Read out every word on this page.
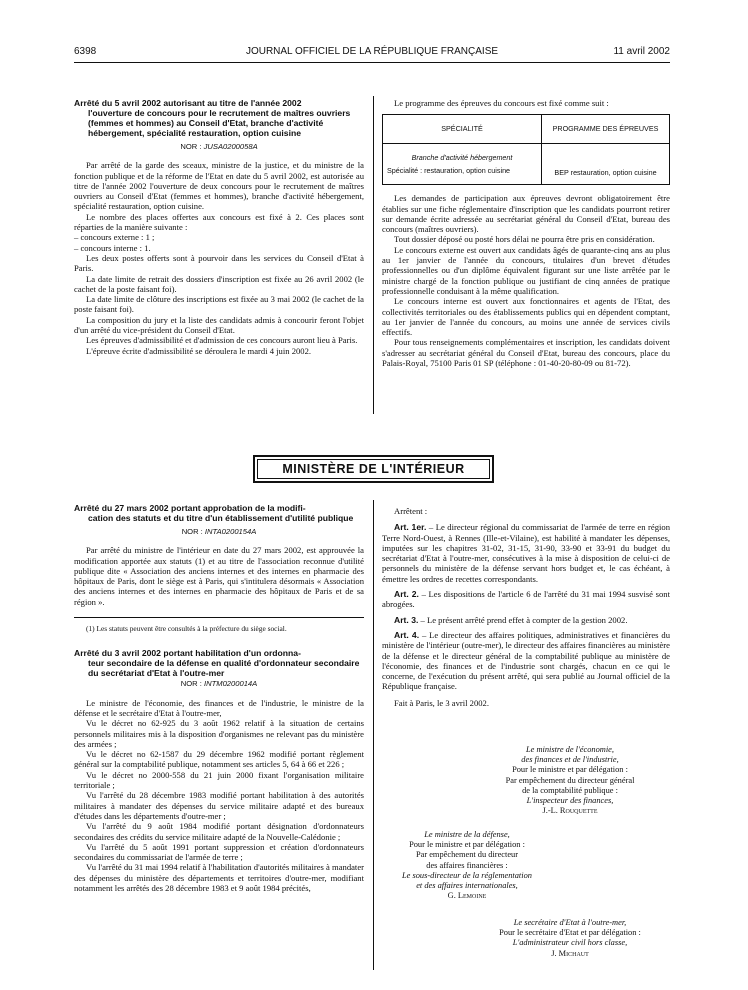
6398	JOURNAL OFFICIEL DE LA RÉPUBLIQUE FRANÇAISE	11 avril 2002
Arrêté du 5 avril 2002 autorisant au titre de l'année 2002
l'ouverture de concours pour le recrutement de maîtres ouvriers (femmes et hommes) au Conseil d'Etat, branche d'activité hébergement, spécialité restauration, option cuisine
NOR : JUSA0200058A

Par arrêté de la garde des sceaux, ministre de la justice, et du ministre de la fonction publique et de la réforme de l'Etat en date du 5 avril 2002, est autorisée au titre de l'année 2002 l'ouverture de deux concours pour le recrutement de maîtres ouvriers au Conseil d'Etat (femmes et hommes), branche d'activité hébergement, spécialité restauration, option cuisine.

Le nombre des places offertes aux concours est fixé à 2. Ces places sont réparties de la manière suivante :

– concours externe : 1 ;

– concours interne : 1.

Les deux postes offerts sont à pourvoir dans les services du Conseil d'Etat à Paris.

La date limite de retrait des dossiers d'inscription est fixée au 26 avril 2002 (le cachet de la poste faisant foi).

La date limite de clôture des inscriptions est fixée au 3 mai 2002 (le cachet de la poste faisant foi).

La composition du jury et la liste des candidats admis à concourir feront l'objet d'un arrêté du vice-président du Conseil d'Etat.

Les épreuves d'admissibilité et d'admission de ces concours auront lieu à Paris.

L'épreuve écrite d'admissibilité se déroulera le mardi 4 juin 2002.

Le programme des épreuves du concours est fixé comme suit :

SPÉCIALITÉ	PROGRAMME DES ÉPREUVES

Branche d'activité hébergement
Spécialité : restauration, option cuisine	BEP restauration, option cuisine

Les demandes de participation aux épreuves devront obligatoirement être établies sur une fiche réglementaire d'inscription que les candidats pourront retirer sur demande écrite adressée au secrétariat général du Conseil d'Etat, bureau des concours (maîtres ouvriers).

Tout dossier déposé ou posté hors délai ne pourra être pris en considération.

Le concours externe est ouvert aux candidats âgés de quarante-cinq ans au plus au 1er janvier de l'année du concours, titulaires d'un brevet d'études professionnelles ou d'un diplôme équivalent figurant sur une liste arrêtée par le ministre chargé de la fonction publique ou justifiant de cinq années de pratique professionnelle conduisant à la même qualification.

Le concours interne est ouvert aux fonctionnaires et agents de l'Etat, des collectivités territoriales ou des établissements publics qui en dépendent comptant, au 1er janvier de l'année du concours, au moins une année de services civils effectifs.

Pour tous renseignements complémentaires et inscription, les candidats doivent s'adresser au secrétariat général du Conseil d'Etat, bureau des concours, place du Palais-Royal, 75100 Paris 01 SP (téléphone : 01-40-20-80-09 ou 81-72).

MINISTÈRE DE L'INTÉRIEUR
Arrêté du 27 mars 2002 portant approbation de la modifi-
cation des statuts et du titre d'un établissement d'utilité publique
NOR : INTA0200154A

Par arrêté du ministre de l'intérieur en date du 27 mars 2002, est approuvée la modification apportée aux statuts (1) et au titre de l'association reconnue d'utilité publique dite « Association des anciens internes et des internes en pharmacie des hôpitaux de Paris, dont le siège est à Paris, qui s'intitulera désormais « Association des anciens internes et des internes en pharmacie des hôpitaux de Paris et de sa région ».

(1) Les statuts peuvent être consultés à la préfecture du siège social.
Arrêté du 3 avril 2002 portant habilitation d'un ordonna-
teur secondaire de la défense en qualité d'ordonnateur secondaire du secrétariat d'Etat à l'outre-mer
NOR : INTM0200014A

Le ministre de l'économie, des finances et de l'industrie, le ministre de la défense et le secrétaire d'Etat à l'outre-mer,

Vu le décret no 62-925 du 3 août 1962 relatif à la situation de certains personnels militaires mis à la disposition d'organismes ne relevant pas du ministère des armées ;

Vu le décret no 62-1587 du 29 décembre 1962 modifié portant règlement général sur la comptabilité publique, notamment ses articles 5, 64 à 66 et 226 ;

Vu le décret no 2000-558 du 21 juin 2000 fixant l'organisation militaire territoriale ;

Vu l'arrêté du 28 décembre 1983 modifié portant habilitation à des autorités militaires à mandater des dépenses du service militaire adapté et des bureaux d'études dans les départements d'outre-mer ;

Vu l'arrêté du 9 août 1984 modifié portant désignation d'ordonnateurs secondaires des crédits du service militaire adapté de la Nouvelle-Calédonie ;

Vu l'arrêté du 5 août 1991 portant suppression et création d'ordonnateurs secondaires du commissariat de l'armée de terre ;

Vu l'arrêté du 31 mai 1994 relatif à l'habilitation d'autorités militaires à mandater des dépenses du ministère des départements et territoires d'outre-mer, modifiant notamment les arrêtés des 28 décembre 1983 et 9 août 1984 précités,

Arrêtent :

Art. 1er. – Le directeur régional du commissariat de l'armée de terre en région Terre Nord-Ouest, à Rennes (Ille-et-Vilaine), est habilité à mandater les dépenses, imputées sur les chapitres 31-02, 31-15, 31-90, 33-90 et 33-91 du budget du secrétariat d'Etat à l'outre-mer, consécutives à la mise à disposition de celui-ci de personnels du ministère de la défense servant hors budget et, le cas échéant, à émettre les ordres de recettes correspondants.

Art. 2. – Les dispositions de l'article 6 de l'arrêté du 31 mai 1994 susvisé sont abrogées.

Art. 3. – Le présent arrêté prend effet à compter de la gestion 2002.

Art. 4. – Le directeur des affaires politiques, administratives et financières du ministère de l'intérieur (outre-mer), le directeur des affaires financières au ministère de la défense et le directeur général de la comptabilité publique au ministère de l'économie, des finances et de l'industrie sont chargés, chacun en ce qui le concerne, de l'exécution du présent arrêté, qui sera publié au Journal officiel de la République française.

Fait à Paris, le 3 avril 2002.

Le ministre de l'économie,
des finances et de l'industrie,
Pour le ministre et par délégation :
Par empêchement du directeur général
de la comptabilité publique :
L'inspecteur des finances,
J.-L. Rouquette
Le ministre de la défense,
Pour le ministre et par délégation :
Par empêchement du directeur
des affaires financières :
Le sous-directeur de la réglementation
et des affaires internationales,
G. Lemoine
Le secrétaire d'Etat à l'outre-mer,
Pour le secrétaire d'Etat et par délégation :
L'administrateur civil hors classe,
J. Michaut
